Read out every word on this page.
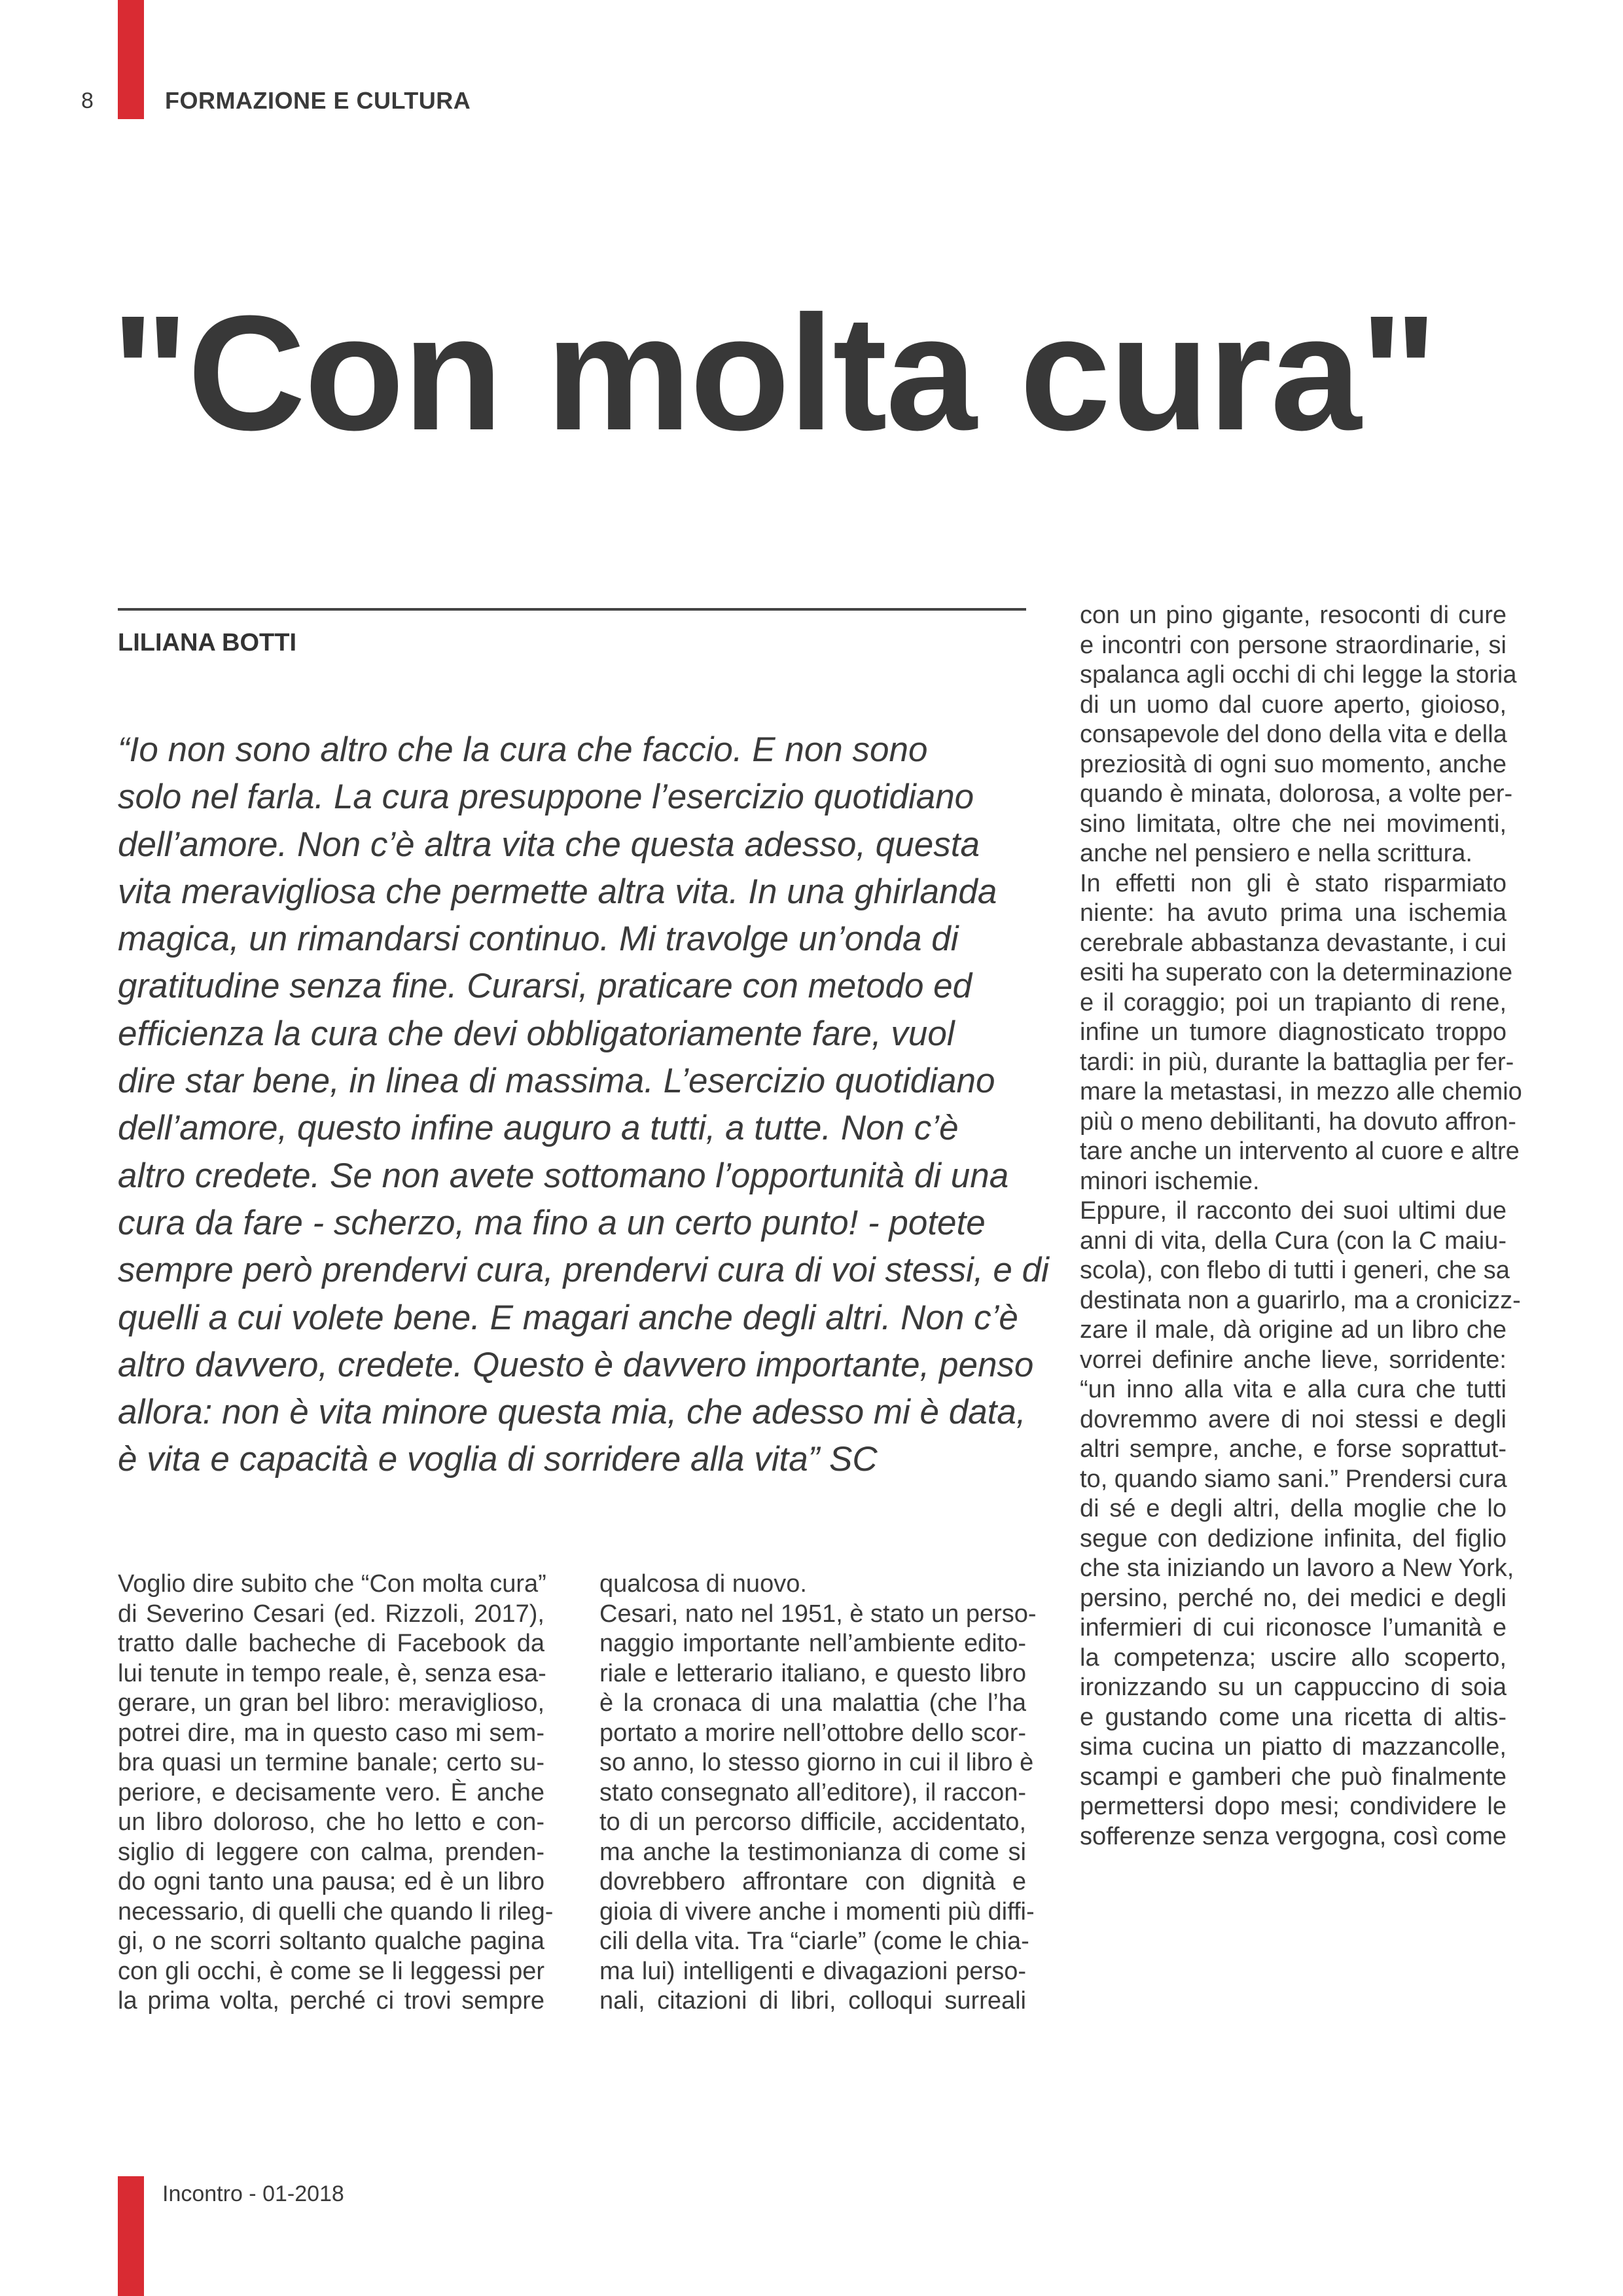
8	FORMAZIONE E CULTURA
"Con molta cura"
LILIANA BOTTI
“Io non sono altro che la cura che faccio. E non sono
solo nel farla. La cura presuppone l’esercizio quotidiano
dell’amore. Non c’è altra vita che questa adesso, questa
vita meravigliosa che permette altra vita. In una ghirlanda
magica, un rimandarsi continuo. Mi travolge un’onda di
gratitudine senza fine. Curarsi, praticare con metodo ed
efficienza la cura che devi obbligatoriamente fare, vuol
dire star bene, in linea di massima. L’esercizio quotidiano
dell’amore, questo infine auguro a tutti, a tutte. Non c’è
altro credete. Se non avete sottomano l’opportunità di una
cura da fare - scherzo, ma fino a un certo punto! - potete
sempre però prendervi cura, prendervi cura di voi stessi, e di
quelli a cui volete bene. E magari anche degli altri. Non c’è
altro davvero, credete. Questo è davvero importante, penso
allora: non è vita minore questa mia, che adesso mi è data,
è vita e capacità e voglia di sorridere alla vita” SC
Voglio dire subito che “Con molta cura”
di Severino Cesari (ed. Rizzoli, 2017),
tratto dalle bacheche di Facebook da
lui tenute in tempo reale, è, senza esa-
gerare, un gran bel libro: meraviglioso,
potrei dire, ma in questo caso mi sem-
bra quasi un termine banale; certo su-
periore, e decisamente vero. È anche
un libro doloroso, che ho letto e con-
siglio di leggere con calma, prenden-
do ogni tanto una pausa; ed è un libro
necessario, di quelli che quando li rileg-
gi, o ne scorri soltanto qualche pagina
con gli occhi, è come se li leggessi per
la prima volta, perché ci trovi sempre
qualcosa di nuovo.
Cesari, nato nel 1951, è stato un perso-
naggio importante nell’ambiente edito-
riale e letterario italiano, e questo libro
è la cronaca di una malattia (che l’ha
portato a morire nell’ottobre dello scor-
so anno, lo stesso giorno in cui il libro è
stato consegnato all’editore), il raccon-
to di un percorso difficile, accidentato,
ma anche la testimonianza di come si
dovrebbero affrontare con dignità e
gioia di vivere anche i momenti più diffi-
cili della vita. Tra “ciarle” (come le chia-
ma lui) intelligenti e divagazioni perso-
nali, citazioni di libri, colloqui surreali
con un pino gigante, resoconti di cure
e incontri con persone straordinarie, si
spalanca agli occhi di chi legge la storia
di un uomo dal cuore aperto, gioioso,
consapevole del dono della vita e della
preziosità di ogni suo momento, anche
quando è minata, dolorosa, a volte per-
sino limitata, oltre che nei movimenti,
anche nel pensiero e nella scrittura.
In effetti non gli è stato risparmiato
niente: ha avuto prima una ischemia
cerebrale abbastanza devastante, i cui
esiti ha superato con la determinazione
e il coraggio; poi un trapianto di rene,
infine un tumore diagnosticato troppo
tardi: in più, durante la battaglia per fer-
mare la metastasi, in mezzo alle chemio
più o meno debilitanti, ha dovuto affron-
tare anche un intervento al cuore e altre
minori ischemie.
Eppure, il racconto dei suoi ultimi due
anni di vita, della Cura (con la C maiu-
scola), con flebo di tutti i generi, che sa
destinata non a guarirlo, ma a cronicizz-
zare il male, dà origine ad un libro che
vorrei definire anche lieve, sorridente:
“un inno alla vita e alla cura che tutti
dovremmo avere di noi stessi e degli
altri sempre, anche, e forse soprattut-
to, quando siamo sani.” Prendersi cura
di sé e degli altri, della moglie che lo
segue con dedizione infinita, del figlio
che sta iniziando un lavoro a New York,
persino, perché no, dei medici e degli
infermieri di cui riconosce l’umanità e
la competenza; uscire allo scoperto,
ironizzando su un cappuccino di soia
e gustando come una ricetta di altis-
sima cucina un piatto di mazzancolle,
scampi e gamberi che può finalmente
permettersi dopo mesi; condividere le
sofferenze senza vergogna, così come
Incontro - 01-2018
